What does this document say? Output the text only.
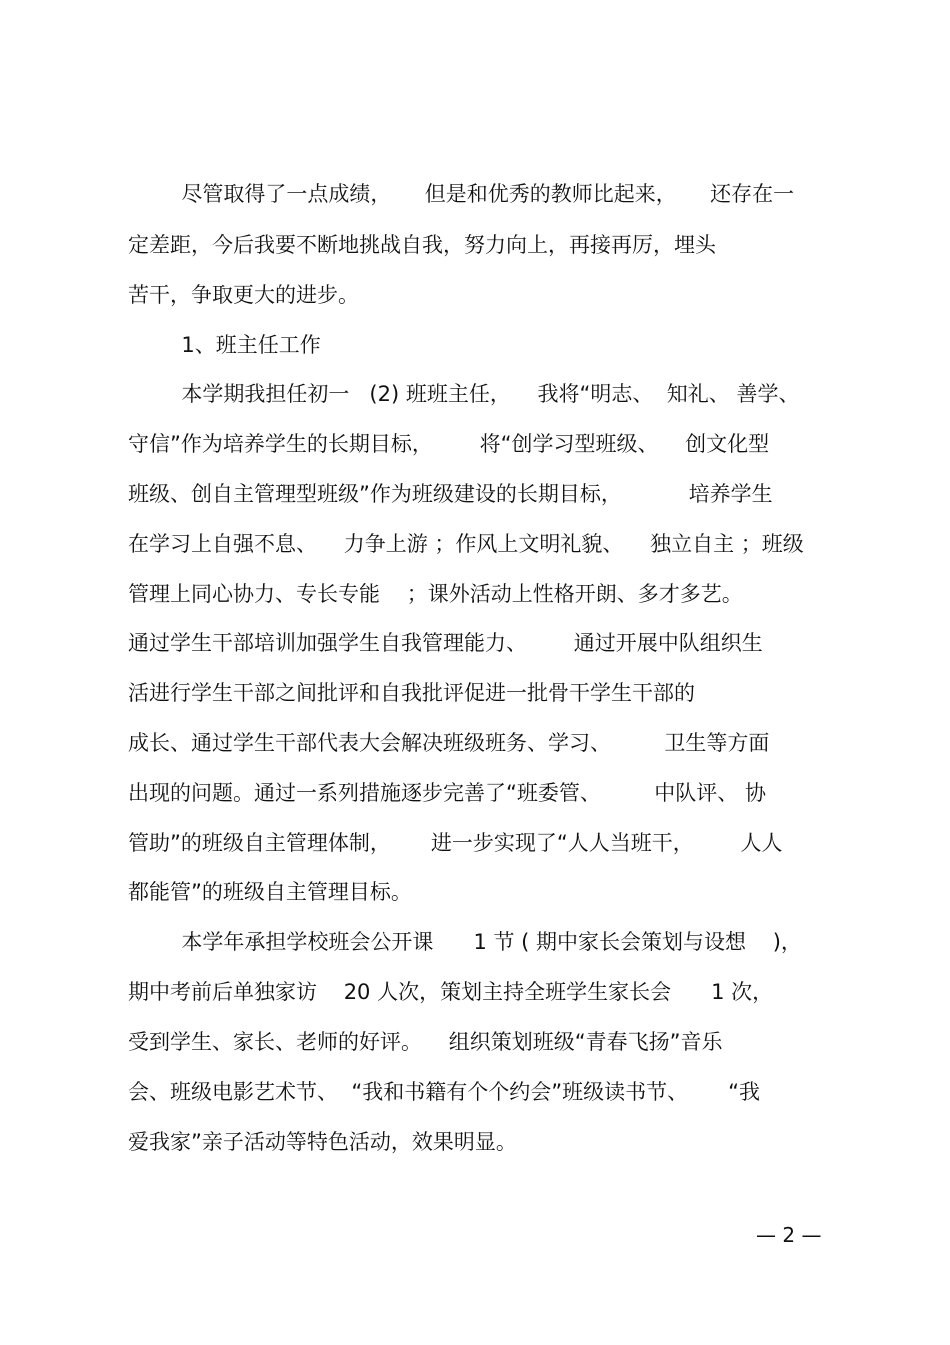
尽管取得了一点成绩，     但是和优秀的教师比起来，     还存在一

定差距，今后我要不断地挑战自我，努力向上，再接再厉，埋头

苦干，争取更大的进步。

1、班主任工作

本学期我担任初一   (2) 班班主任，    我将“明志、  知礼、 善学、

守信”作为培养学生的长期目标，       将“创学习型班级、    创文化型

班级、创自主管理型班级”作为班级建设的长期目标，          培养学生

在学习上自强不息、    力争上游 ；作风上文明礼貌、    独立自主 ；班级

管理上同心协力、专长专能    ；课外活动上性格开朗、多才多艺。

通过学生干部培训加强学生自我管理能力、       通过开展中队组织生

活进行学生干部之间批评和自我批评促进一批骨干学生干部的

成长、通过学生干部代表大会解决班级班务、学习、        卫生等方面

出现的问题。通过一系列措施逐步完善了“班委管、        中队评、 协

管助”的班级自主管理体制，      进一步实现了“人人当班干，       人人

都能管”的班级自主管理目标。

本学年承担学校班会公开课      1 节 ( 期中家长会策划与设想    )，

期中考前后单独家访    20 人次，策划主持全班学生家长会      1 次，

受到学生、家长、老师的好评。    组织策划班级“青春飞扬”音乐

会、班级电影艺术节、  “我和书籍有个个约会”班级读书节、      “我

爱我家”亲子活动等特色活动，效果明显。

— 2 —
